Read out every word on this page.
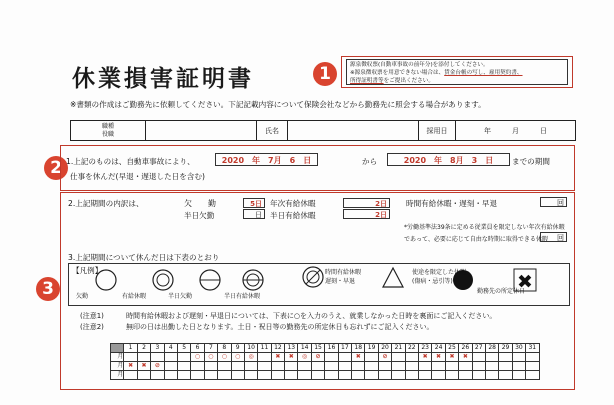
休業損害証明書	1	源泉徴収票(自動車事故の前年分)を添付してください。
※源泉徴収票を用意できない場合は、賃金台帳の写し、雇用契約書、
所得証明書等をご提出ください。
※書類の作成はご勤務先に依頼してください。下記記載内容について保険会社などから勤務先に照会する場合があります。
職種
役職		氏名		採用日	年　　　	月　　　	日
2 1.上記のものは、自動車事故により、	2020　年　7月　6　日	から	2020　年　8月　3　日	までの期間
仕事を休んだ(早退・遅退した日を含む)
3
2.上記期間の内訳は、	欠　　勤	5日
半日欠勤	日
年次有給休暇	2日
半日有給休暇	2日
時間有給休暇・遅刻・早退	回
*労働基準法39条に定める従業員を限定しない年次有給休暇
であって、必要に応じて自由な時期に取得できる休暇	回
3.上記期間について休んだ日は下表のとおり
【凡例】
✖
欠勤	有給休暇	半日欠勤	半日有給休暇
時間有給休暇
遅刻・早退
使途を限定した休暇
(傷病・忌引等)
勤務先の所定休日
(注意1)	時間有給休暇および遅刻・早退日については、下表に○を入力のうえ、就業しなかった日時を裏面にご記入ください。
(注意2)	無印の日は出勤した日となります。土日・祝日等の勤務先の所定休日も忘れずにご記入ください。
	1	2	3	4	5	6	7	8	9	10	11	12	13	14	15	16	17	18	19	20	21	22	23	24	25	26	27	28	29	30	31
月						○	○	○	○	◎		✖	✖	◎	⊘			✖		⊘			✖	✖	✖	✖					
月	✖	✖	⊘																												
月																															
